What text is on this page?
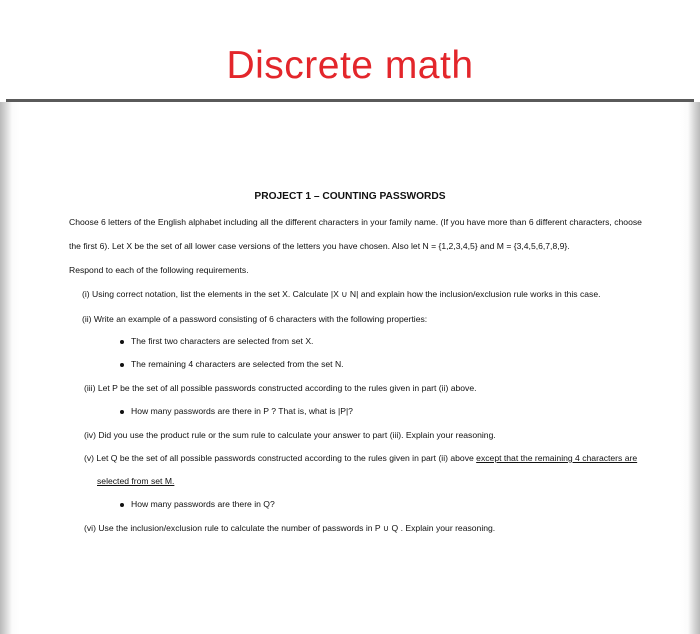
Discrete math
PROJECT 1 – COUNTING PASSWORDS
Choose 6 letters of the English alphabet including all the different characters in your family name. (If you have more than 6 different characters, choose
the first 6). Let X be the set of all lower case versions of the letters you have chosen. Also let N = {1,2,3,4,5} and M = {3,4,5,6,7,8,9}.
Respond to each of the following requirements.
(i) Using correct notation, list the elements in the set X. Calculate |X ∪ N| and explain how the inclusion/exclusion rule works in this case.
(ii) Write an example of a password consisting of 6 characters with the following properties:
The first two characters are selected from set X.
The remaining 4 characters are selected from the set N.
(iii) Let P be the set of all possible passwords constructed according to the rules given in part (ii) above.
How many passwords are there in P ? That is, what is |P|?
(iv) Did you use the product rule or the sum rule to calculate your answer to part (iii). Explain your reasoning.
(v) Let Q be the set of all possible passwords constructed according to the rules given in part (ii) above except that the remaining 4 characters are
selected from set M.
How many passwords are there in Q?
(vi) Use the inclusion/exclusion rule to calculate the number of passwords in P ∪ Q . Explain your reasoning.
